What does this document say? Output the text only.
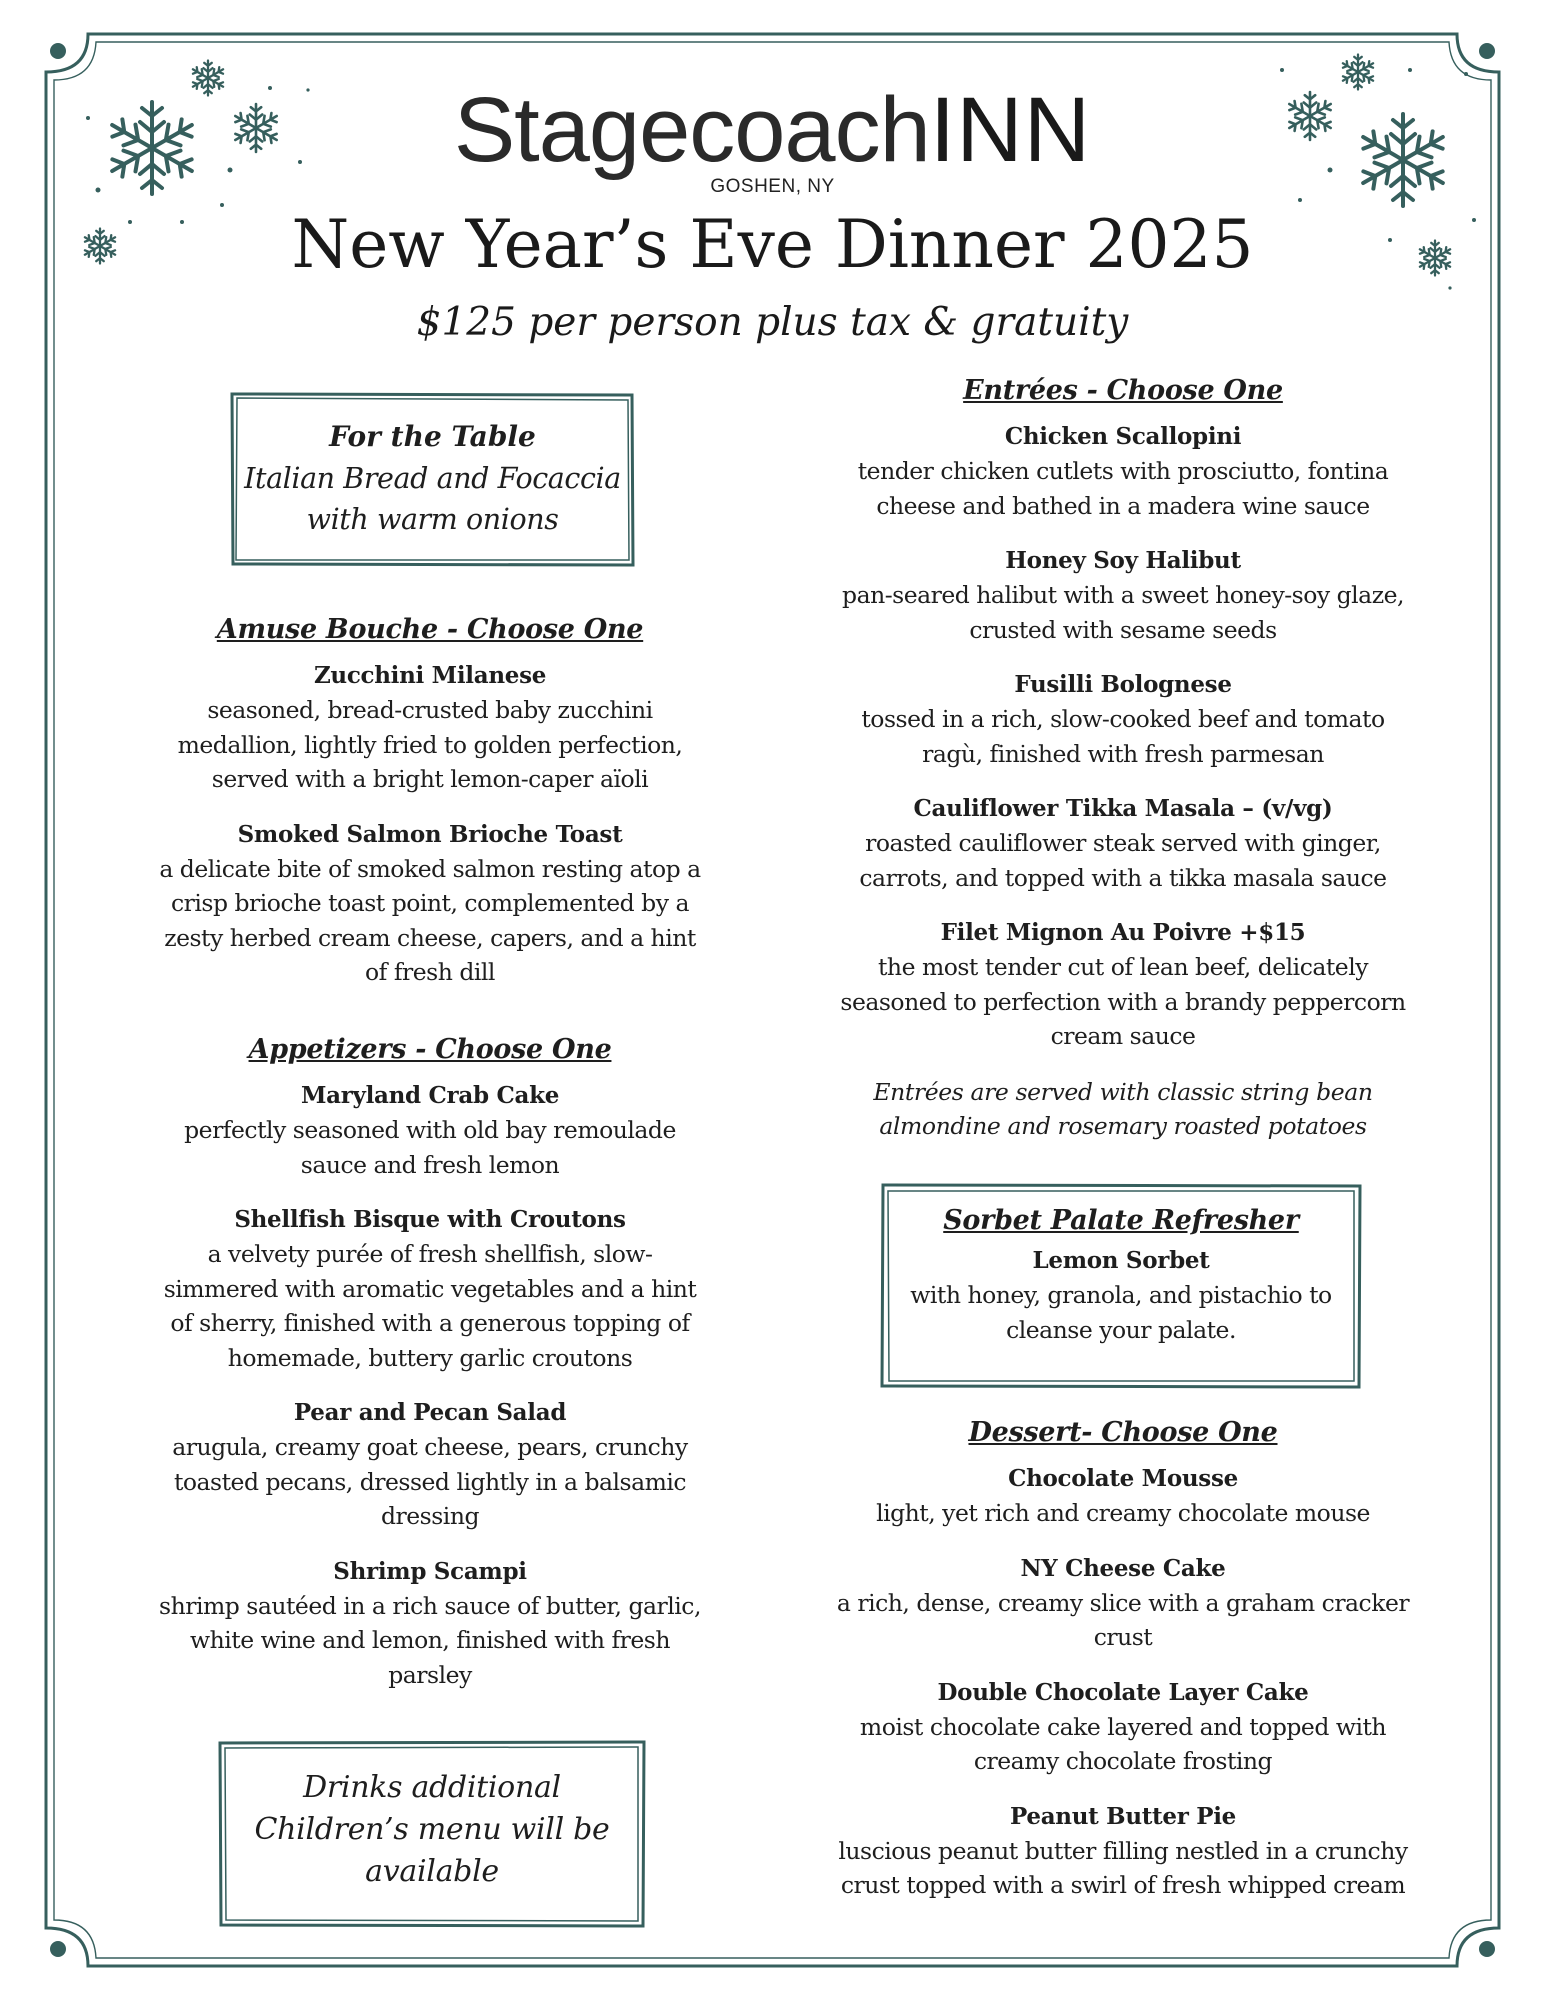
StagecoachINN
GOSHEN, NY
New Year’s Eve Dinner 2025
$125 per person plus tax & gratuity
For the Table
Italian Bread and Focaccia
with warm onions
Amuse Bouche - Choose One
Zucchini Milanese
seasoned, bread-crusted baby zucchini
medallion, lightly fried to golden perfection,
served with a bright lemon-caper aïoli
Smoked Salmon Brioche Toast
a delicate bite of smoked salmon resting atop a
crisp brioche toast point, complemented by a
zesty herbed cream cheese, capers, and a hint
of fresh dill
Appetizers - Choose One
Maryland Crab Cake
perfectly seasoned with old bay remoulade
sauce and fresh lemon
Shellfish Bisque with Croutons
a velvety purée of fresh shellfish, slow-
simmered with aromatic vegetables and a hint
of sherry, finished with a generous topping of
homemade, buttery garlic croutons
Pear and Pecan Salad
arugula, creamy goat cheese, pears, crunchy
toasted pecans, dressed lightly in a balsamic
dressing
Shrimp Scampi
shrimp sautéed in a rich sauce of butter, garlic,
white wine and lemon, finished with fresh
parsley
Drinks additional
Children’s menu will be
available
Entrées - Choose One
Chicken Scallopini
tender chicken cutlets with prosciutto, fontina
cheese and bathed in a madera wine sauce
Honey Soy Halibut
pan-seared halibut with a sweet honey-soy glaze,
crusted with sesame seeds
Fusilli Bolognese
tossed in a rich, slow-cooked beef and tomato
ragù, finished with fresh parmesan
Cauliflower Tikka Masala – (v/vg)
roasted cauliflower steak served with ginger,
carrots, and topped with a tikka masala sauce
Filet Mignon Au Poivre +$15
the most tender cut of lean beef, delicately
seasoned to perfection with a brandy peppercorn
cream sauce
Entrées are served with classic string bean
almondine and rosemary roasted potatoes
Sorbet Palate Refresher
Lemon Sorbet
with honey, granola, and pistachio to
cleanse your palate.
Dessert- Choose One
Chocolate Mousse
light, yet rich and creamy chocolate mouse
NY Cheese Cake
a rich, dense, creamy slice with a graham cracker
crust
Double Chocolate Layer Cake
moist chocolate cake layered and topped with
creamy chocolate frosting
Peanut Butter Pie
luscious peanut butter filling nestled in a crunchy
crust topped with a swirl of fresh whipped cream
